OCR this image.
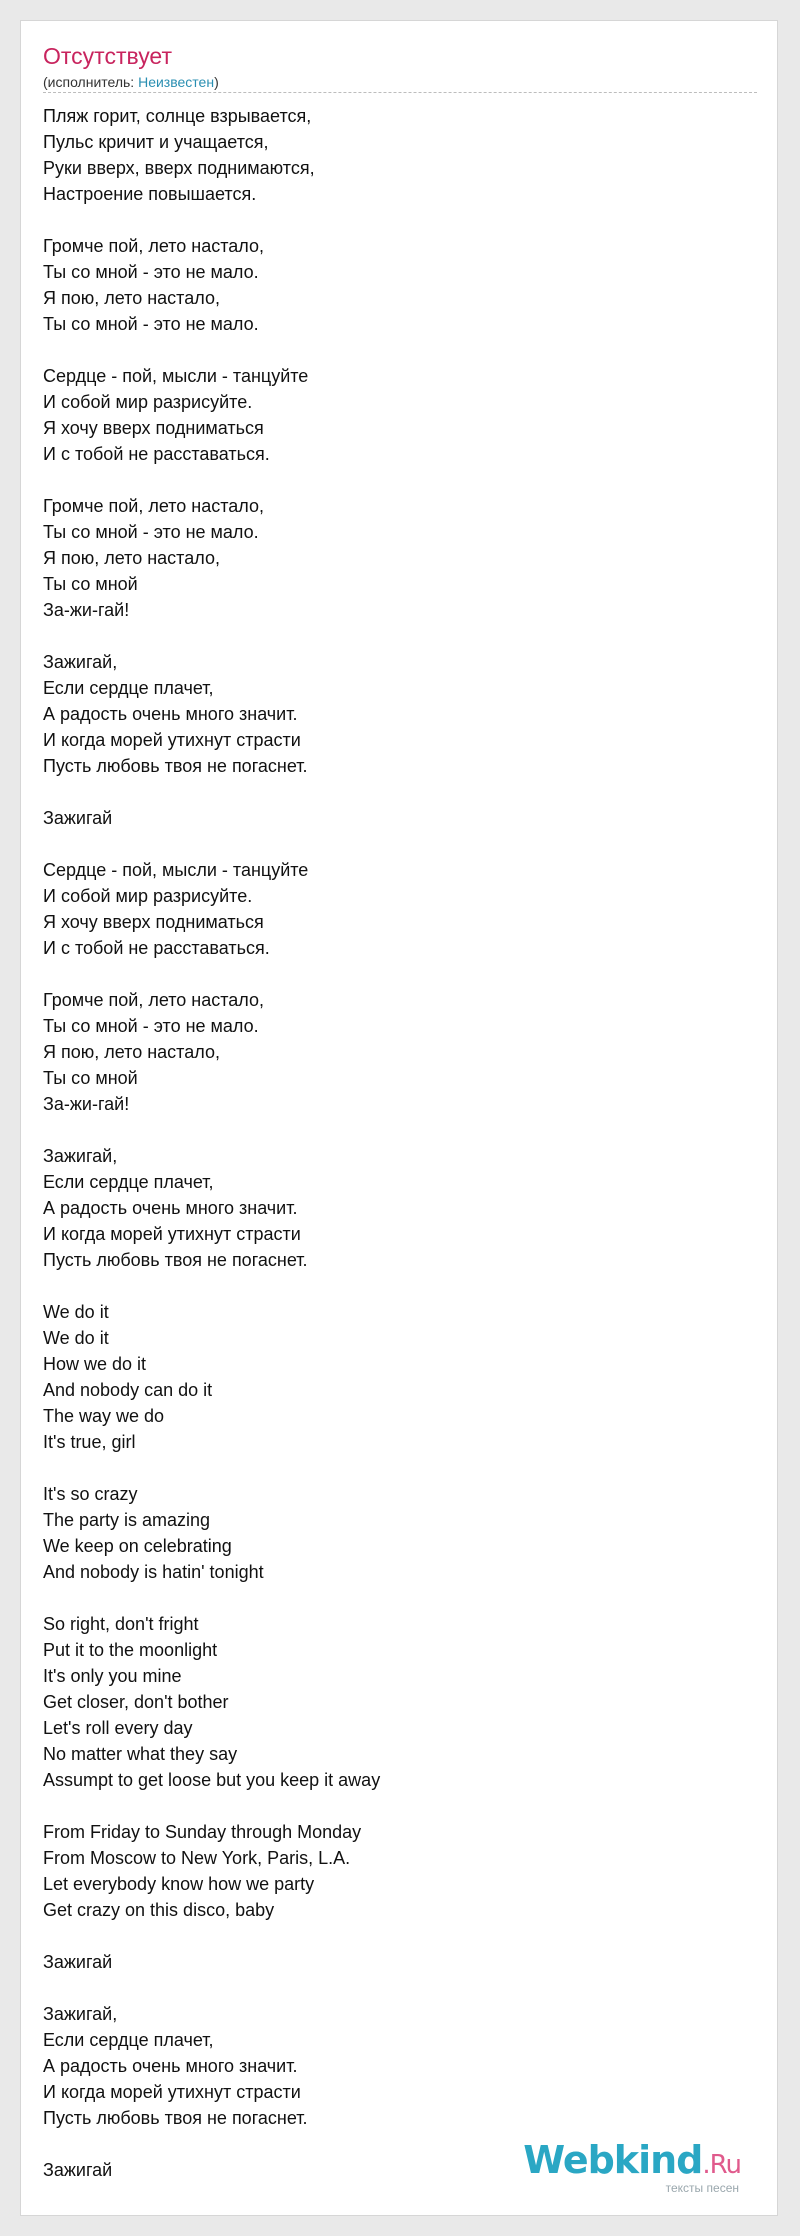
Отсутствует
(исполнитель: Неизвестен)
Пляж горит, солнце взрывается,
Пульс кричит и учащается,
Руки вверх, вверх поднимаются,
Настроение повышается.

Громче пой, лето настало,
Ты со мной - это не мало.
Я пою, лето настало,
Ты со мной - это не мало.

Сердце - пой, мысли - танцуйте
И собой мир разрисуйте.
Я хочу вверх подниматься
И с тобой не расставаться.

Громче пой, лето настало,
Ты со мной - это не мало.
Я пою, лето настало,
Ты со мной
За-жи-гай!

Зажигай,
Если сердце плачет,
А радость очень много значит.
И когда морей утихнут страсти
Пусть любовь твоя не погаснет.

Зажигай

Сердце - пой, мысли - танцуйте
И собой мир разрисуйте.
Я хочу вверх подниматься
И с тобой не расставаться.

Громче пой, лето настало,
Ты со мной - это не мало.
Я пою, лето настало,
Ты со мной
За-жи-гай!

Зажигай,
Если сердце плачет,
А радость очень много значит.
И когда морей утихнут страсти
Пусть любовь твоя не погаснет.

We do it
We do it
How we do it
And nobody can do it
The way we do
It's true, girl

It's so crazy
The party is amazing
We keep on celebrating
And nobody is hatin' tonight

So right, don't fright
Put it to the moonlight
It's only you mine
Get closer, don't bother
Let's roll every day
No matter what they say
Assumpt to get loose but you keep it away

From Friday to Sunday through Monday
From Moscow to New York, Paris, L.A.
Let everybody know how we party
Get crazy on this disco, baby

Зажигай

Зажигай,
Если сердце плачет,
А радость очень много значит.
И когда морей утихнут страсти
Пусть любовь твоя не погаснет.

Зажигай	Webkind.Ru
тексты песен
